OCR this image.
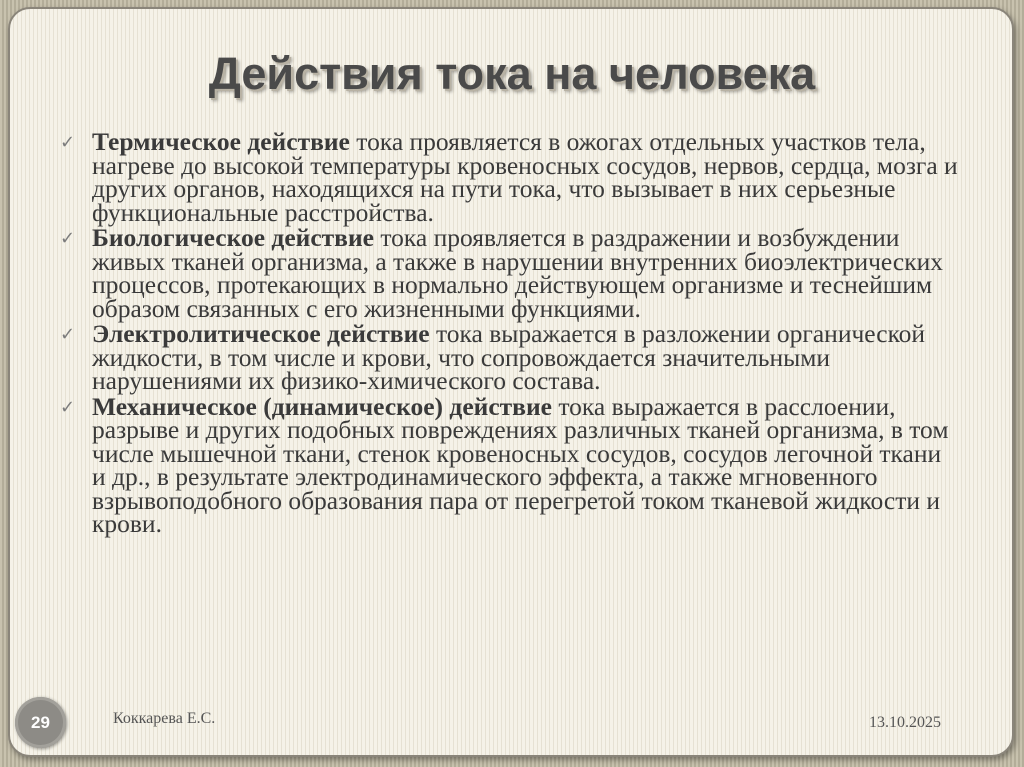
Действия тока на человека
✓ Термическое действие тока проявляется в ожогах отдельных участков тела, нагреве до высокой температуры кровеносных сосудов, нервов, сердца, мозга и других органов, находящихся на пути тока, что вызывает в них серьезные функциональные расстройства.
✓ Биологическое действие тока проявляется в раздражении и возбуждении живых тканей организма, а также в нарушении внутренних биоэлектрических процессов, протекающих в нормально действующем организме и теснейшим образом связанных с его жизненными функциями.
✓ Электролитическое действие тока выражается в разложении органической жидкости, в том числе и крови, что сопровождается значительными нарушениями их физико-химического состава.
✓ Механическое (динамическое) действие тока выражается в расслоении, разрыве и других подобных повреждениях различных тканей организма, в том числе мышечной ткани, стенок кровеносных сосудов, сосудов легочной ткани и др., в результате электродинамического эффекта, а также мгновенного взрывоподобного образования пара от перегретой током тканевой жидкости и крови.
29	Коккарева Е.С.	13.10.2025
